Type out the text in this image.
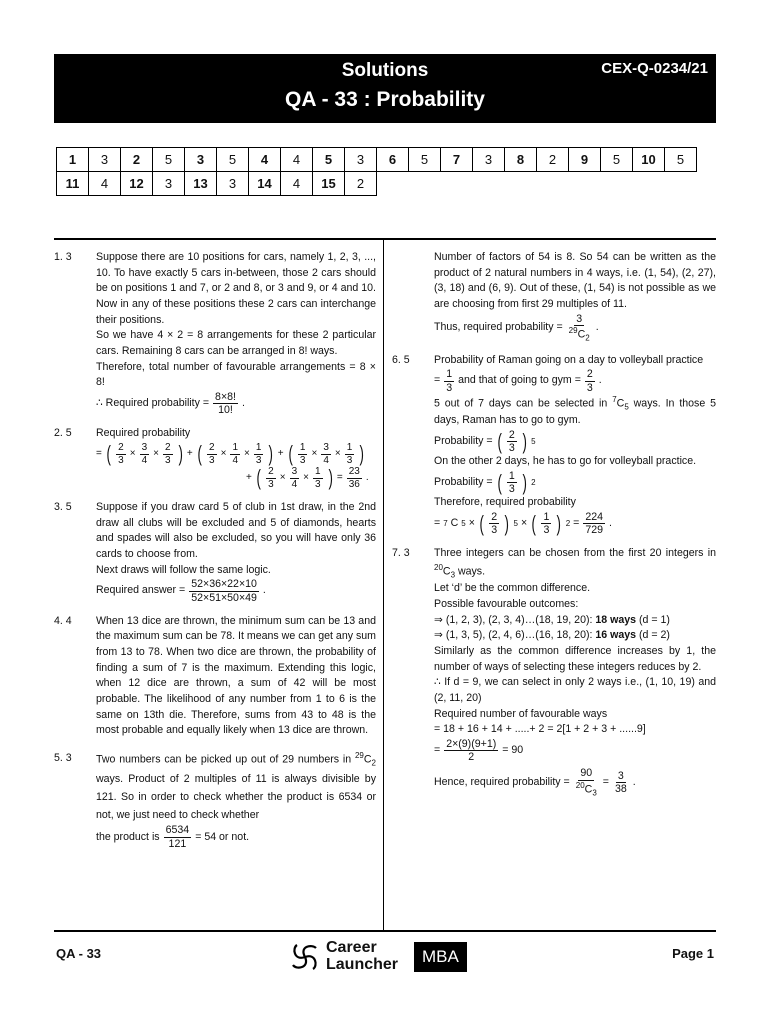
Solutions
QA - 33 : Probability
CEX-Q-0234/21
1	3	2	5	3	5	4	4	5	3	6	5	7	3	8	2	9	5	10	5
11	4	12	3	13	3	14	4	15	2										
1. 3 Suppose there are 10 positions for cars, namely 1, 2, 3, ..., 10. To have exactly 5 cars in-between, those 2 cars should be on positions 1 and 7, or 2 and 8, or 3 and 9, or 4 and 10. Now in any of these positions these 2 cars can interchange their positions.
So we have 4 × 2 = 8 arrangements for these 2 particular cars. Remaining 8 cars can be arranged in 8! ways.
Therefore, total number of favourable arrangements = 8 × 8!
∴ Required probability = $\frac{8\times 8!}{10!}$ .
2. 5 Required probability
= ( $\frac{2}{3} \times \frac{3}{4} \times \frac{2}{3}$ ) + ( $\frac{2}{3} \times \frac{1}{4} \times \frac{1}{3}$ ) + ( $\frac{1}{3} \times \frac{3}{4} \times \frac{1}{3}$ )
+ ( $\frac{2}{3} \times \frac{3}{4} \times \frac{1}{3}$ ) = $\frac{23}{36}$ .
3. 5 Suppose if you draw card 5 of club in 1st draw, in the 2nd draw all clubs will be excluded and 5 of diamonds, hearts and spades will also be excluded, so you will have only 36 cards to choose from.
Next draws will follow the same logic.
Required answer = $\frac{52\times 36\times 22\times 10}{52\times 51\times 50\times 49}$ .
4. 4 When 13 dice are thrown, the minimum sum can be 13 and the maximum sum can be 78. It means we can get any sum from 13 to 78. When two dice are thrown, the probability of finding a sum of 7 is the maximum. Extending this logic, when 12 dice are thrown, a sum of 42 will be most probable. The likelihood of any number from 1 to 6 is the same on 13th die. Therefore, sums from 43 to 48 is the most probable and equally likely when 13 dice are thrown.
5. 3 Two numbers can be picked up out of 29 numbers in $^{29}C_2$ ways. Product of 2 multiples of 11 is always divisible by 121. So in order to check whether the product is 6534 or not, we just need to check whether
the product is $\frac{6534}{121} = 54$ or not.
Number of factors of 54 is 8. So 54 can be written as the product of 2 natural numbers in 4 ways, i.e. (1, 54), (2, 27), (3, 18) and (6, 9). Out of these, (1, 54) is not possible as we are choosing from first 29 multiples of 11.
Thus, required probability = $\frac{3}{^{29}C_2}$ .
6. 5 Probability of Raman going on a day to volleyball practice
= $\frac{1}{3}$ and that of going to gym = $\frac{2}{3}$ .
5 out of 7 days can be selected in $^7C_5$ ways. In those 5 days, Raman has to go to gym.
Probability = ( $\frac{2}{3}$ ) 5
On the other 2 days, he has to go for volleyball practice.
Probability = ( $\frac{1}{3}$ ) 2
Therefore, required probability
= 7 C 5 × ( $\frac{2}{3}$ ) 5 × ( $\frac{1}{3}$ ) $2 = \frac{224}{729}$ .
7. 3 Three integers can be chosen from the first 20 integers in $^{20}C_3$ ways.
Let ‘d’ be the common difference.
Possible favourable outcomes:
⇒ (1, 2, 3), (2, 3, 4)…(18, 19, 20): 18 ways (d = 1)
⇒ (1, 3, 5), (2, 4, 6)…(16, 18, 20): 16 ways (d = 2)
Similarly as the common difference increases by 1, the number of ways of selecting these integers reduces by 2.
∴ If d = 9, we can select in only 2 ways i.e., (1, 10, 19) and (2, 11, 20)
Required number of favourable ways
= 18 + 16 + 14 + .....+ 2 = 2[1 + 2 + 3 + ......9]
= $\frac{2\times(9)(9+1)}{2} = 90$

Hence, required probability = $\frac{90}{^{20}C_3} = \frac{3}{38}$ .
QA - 33	Career
Launcher	MBA	Page 1
